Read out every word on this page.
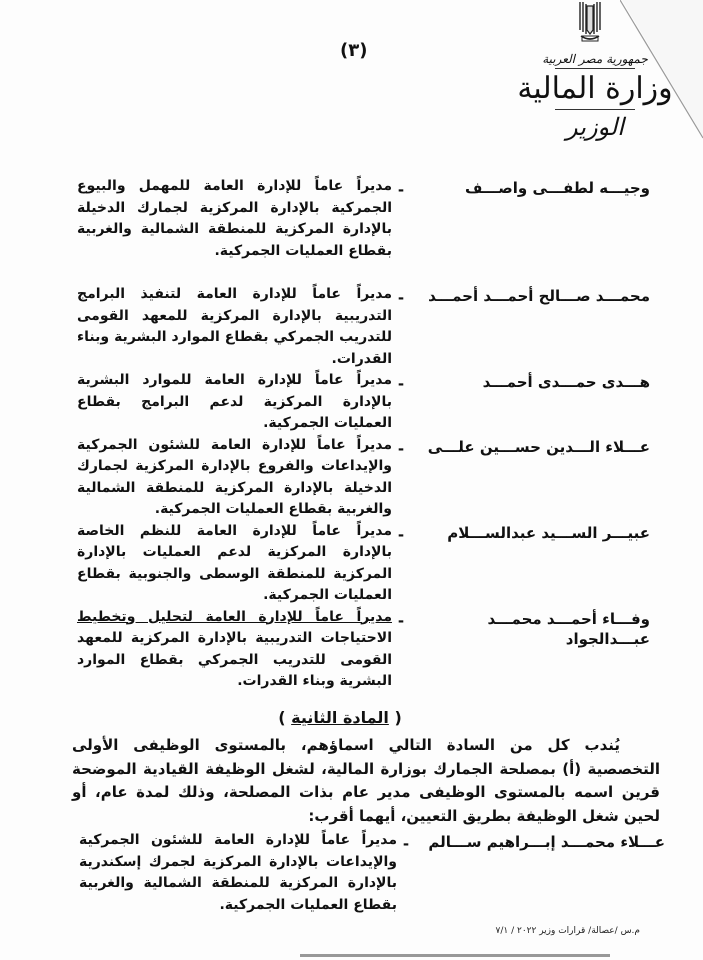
(٣)	جمهورية مصر العربية
وزارة المالية
الوزير
وجيـــه لطفـــى واصـــف
-
مديراً عاماً للإدارة العامة للمهمل والبيوع الجمركية بالإدارة المركزية لجمارك الدخيلة بالإدارة المركزية للمنطقة الشمالية والغربية بقطاع العمليات الجمركية.
محمـــد صـــالح أحمـــد أحمـــد
-
مديراً عاماً للإدارة العامة لتنفيذ البرامج التدريبية بالإدارة المركزية للمعهد القومى للتدريب الجمركي بقطاع الموارد البشرية وبناء القدرات.
هـــدى حمـــدى أحمـــد
-
مديراً عاماً للإدارة العامة للموارد البشرية بالإدارة المركزية لدعم البرامج بقطاع العمليات الجمركية.
عـــلاء الـــدين حســـين علـــى
-
مديراً عاماً للإدارة العامة للشئون الجمركية والإيداعات والفروع بالإدارة المركزية لجمارك الدخيلة بالإدارة المركزية للمنطقة الشمالية والغربية بقطاع العمليات الجمركية.
عبيـــر الســـيد عبدالســـلام
-
مديراً عاماً للإدارة العامة للنظم الخاصة بالإدارة المركزية لدعم العمليات بالإدارة المركزية للمنطقة الوسطى والجنوبية بقطاع العمليات الجمركية.
وفـــاء أحمـــد محمـــد عبـــدالجواد
-
مديراً عاماً للإدارة العامة لتحليل وتخطيط الاحتياجات التدريبية بالإدارة المركزية للمعهد القومى للتدريب الجمركي بقطاع الموارد البشرية وبناء القدرات.
( المادة الثانية )
يُندب كل من السادة التالي اسماؤهم، بالمستوى الوظيفى الأولى التخصصية (أ) بمصلحة الجمارك بوزارة المالية، لشغل الوظيفة القيادية الموضحة قرين اسمه بالمستوى الوظيفى مدير عام بذات المصلحة، وذلك لمدة عام، أو لحين شغل الوظيفة بطريق التعيين، أيهما أقرب:
عـــلاء محمـــد إبـــراهيم ســـالم
-
مديراً عاماً للإدارة العامة للشئون الجمركية والإيداعات بالإدارة المركزية لجمرك إسكندرية بالإدارة المركزية للمنطقة الشمالية والغربية بقطاع العمليات الجمركية.
م.س /عصالة/ قرارات وزير ٢٠٢٢ / ٧/١
